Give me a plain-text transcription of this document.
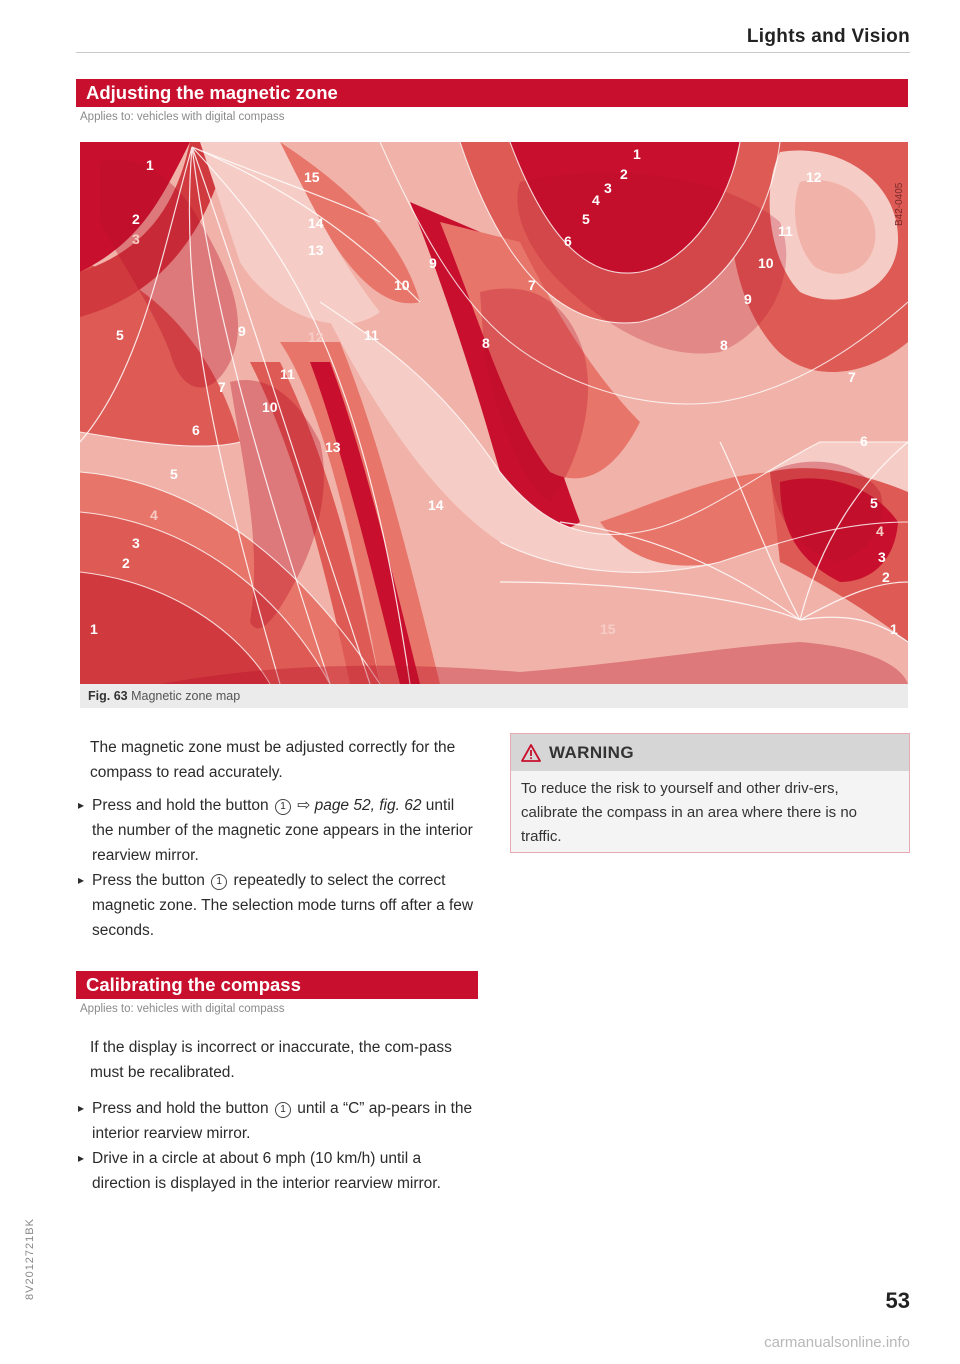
Lights and Vision
Adjusting the magnetic zone
Applies to: vehicles with digital compass
1
2
3
5
6
7
9
10
11
15
14
13
12	11
10
9
13
14
5
4
3
2
1
1
2
3
4
5
6
7
8	8
9
10
11
12
7
6
5
4
3
2
1
15
B42-0405
Fig. 63 Magnetic zone map
The magnetic zone must be adjusted correctly for the compass to read accurately.
▸ Press and hold the button 1 ⇨ page 52, fig. 62 until the number of the magnetic zone appears in the interior rearview mirror.
▸ Press the button 1 repeatedly to select the correct magnetic zone. The selection mode turns off after a few seconds.
Calibrating the compass
Applies to: vehicles with digital compass
If the display is incorrect or inaccurate, the com-pass must be recalibrated.
▸ Press and hold the button 1 until a “C” ap-pears in the interior rearview mirror.
▸ Drive in a circle at about 6 mph (10 km/h) until a direction is displayed in the interior rearview mirror.
WARNING
To reduce the risk to yourself and other driv-ers, calibrate the compass in an area where there is no traffic.
8V2012721BK
53
carmanualsonline.info
